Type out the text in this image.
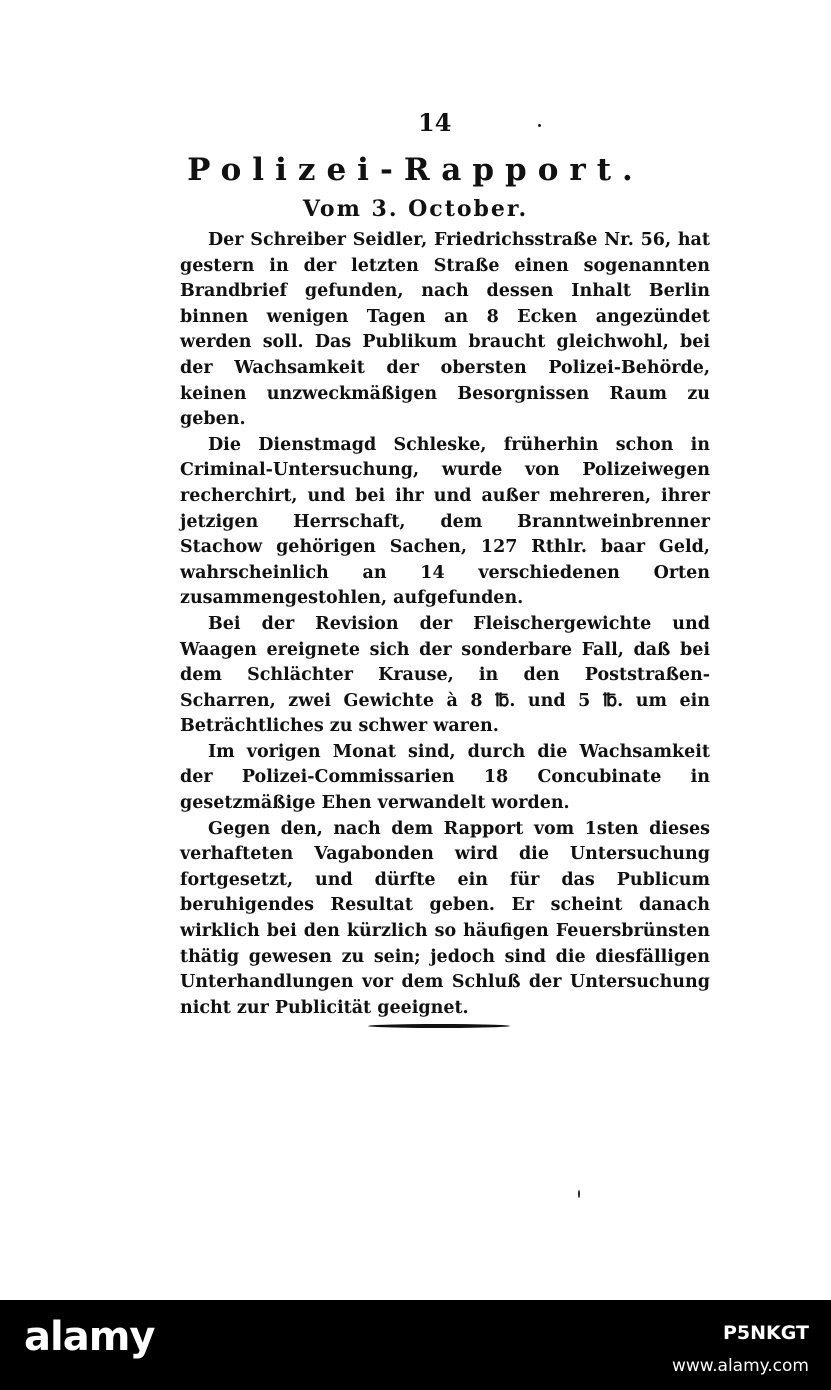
14
Polizei-Rapport.
Vom 3. October.

Der Schreiber Seidler, Friedrichsstraße Nr. 56, hat gestern in der letzten Straße einen sogenannten Brandbrief gefunden, nach dessen Inhalt Berlin binnen wenigen Tagen an 8 Ecken angezündet werden soll. Das Publikum braucht gleichwohl, bei der Wachsamkeit der obersten Polizei-Behörde, keinen unzweckmäßigen Besorgnissen Raum zu geben.

Die Dienstmagd Schleske, früherhin schon in Criminal-Untersuchung, wurde von Polizeiwegen recherchirt, und bei ihr und außer mehreren, ihrer jetzigen Herrschaft, dem Branntweinbrenner Stachow gehörigen Sachen, 127 Rthlr. baar Geld, wahrscheinlich an 14 verschiedenen Orten zusammengestohlen, aufgefunden.

Bei der Revision der Fleischergewichte und Waagen ereignete sich der sonderbare Fall, daß bei dem Schlächter Krause, in den Poststraßen-Scharren, zwei Gewichte à 8 ℔. und 5 ℔. um ein Beträchtliches zu schwer waren.

Im vorigen Monat sind, durch die Wachsamkeit der Polizei-Commissarien 18 Concubinate in gesetzmäßige Ehen verwandelt worden.

Gegen den, nach dem Rapport vom 1sten dieses verhafteten Vagabonden wird die Untersuchung fortgesetzt, und dürfte ein für das Publicum beruhigendes Resultat geben. Er scheint danach wirklich bei den kürzlich so häufigen Feuersbrünsten thätig gewesen zu sein; jedoch sind die diesfälligen Unterhandlungen vor dem Schluß der Untersuchung nicht zur Publicität geeignet.

alamy	P5NKGT
www.alamy.com
